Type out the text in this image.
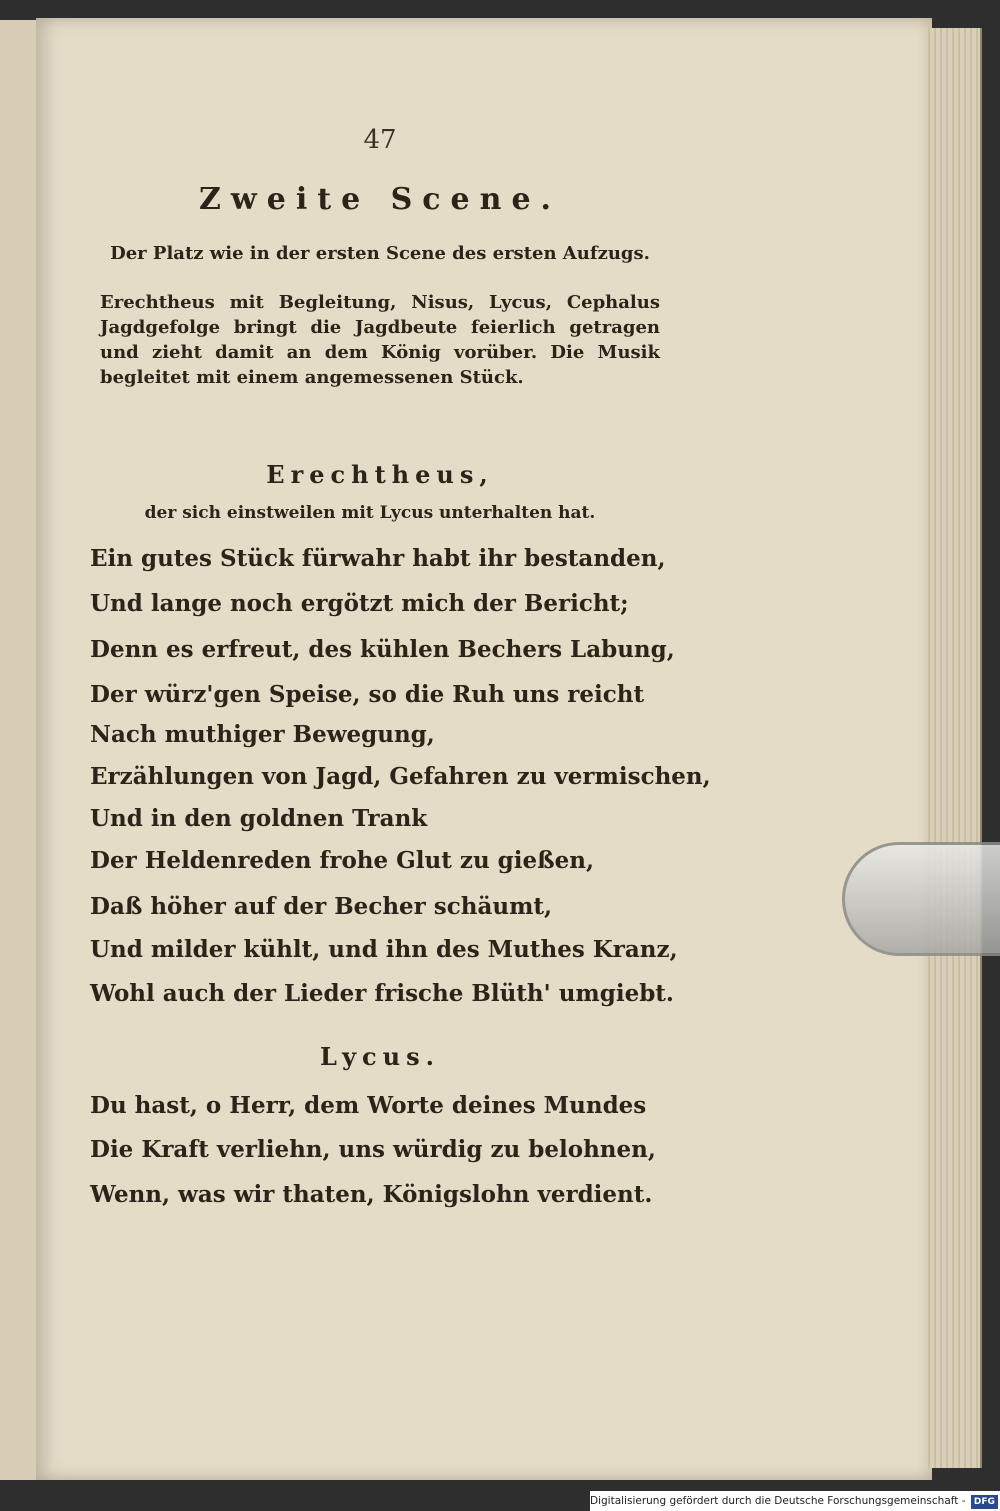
47
Zweite Scene.
Der Platz wie in der ersten Scene des ersten Aufzugs.
Erechtheus mit Begleitung, Nisus, Lycus, Cephalus Jagdgefolge bringt die Jagdbeute feierlich getragen und zieht damit an dem König vorüber. Die Musik begleitet mit einem angemessenen Stück.
Erechtheus,
der sich einstweilen mit Lycus unterhalten hat.
Ein gutes Stück fürwahr habt ihr bestanden,
Und lange noch ergötzt mich der Bericht;
Denn es erfreut, des kühlen Bechers Labung,
Der würz'gen Speise, so die Ruh uns reicht
Nach muthiger Bewegung,
Erzählungen von Jagd, Gefahren zu vermischen,
Und in den goldnen Trank
Der Heldenreden frohe Glut zu gießen,
Daß höher auf der Becher schäumt,
Und milder kühlt, und ihn des Muthes Kranz,
Wohl auch der Lieder frische Blüth' umgiebt.
Lycus.
Du hast, o Herr, dem Worte deines Mundes
Die Kraft verliehn, uns würdig zu belohnen,
Wenn, was wir thaten, Königslohn verdient.
Digitalisierung gefördert durch die Deutsche Forschungsgemeinschaft - DFG
